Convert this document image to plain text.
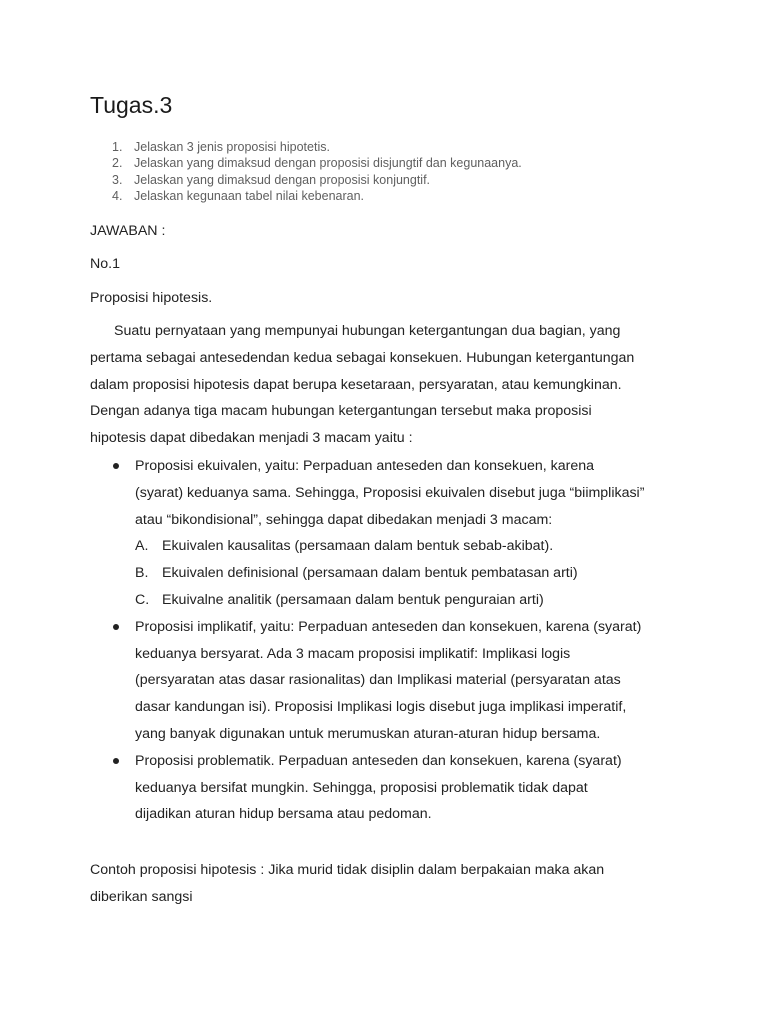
Tugas.3
1. Jelaskan 3 jenis proposisi hipotetis.
2. Jelaskan yang dimaksud dengan proposisi disjungtif dan kegunaanya.
3. Jelaskan yang dimaksud dengan proposisi konjungtif.
4. Jelaskan kegunaan tabel nilai kebenaran.
JAWABAN :
No.1
Proposisi hipotesis.
Suatu pernyataan yang mempunyai hubungan ketergantungan dua bagian, yang
pertama sebagai antesedendan kedua sebagai konsekuen. Hubungan ketergantungan
dalam proposisi hipotesis dapat berupa kesetaraan, persyaratan, atau kemungkinan.
Dengan adanya tiga macam hubungan ketergantungan tersebut maka proposisi
hipotesis dapat dibedakan menjadi 3 macam yaitu :
Proposisi ekuivalen, yaitu: Perpaduan anteseden dan konsekuen, karena
(syarat) keduanya sama. Sehingga, Proposisi ekuivalen disebut juga “biimplikasi”
atau “bikondisional”, sehingga dapat dibedakan menjadi 3 macam:
A. Ekuivalen kausalitas (persamaan dalam bentuk sebab-akibat).
B. Ekuivalen definisional (persamaan dalam bentuk pembatasan arti)
C. Ekuivalne analitik (persamaan dalam bentuk penguraian arti)
Proposisi implikatif, yaitu: Perpaduan anteseden dan konsekuen, karena (syarat)
keduanya bersyarat. Ada 3 macam proposisi implikatif: Implikasi logis
(persyaratan atas dasar rasionalitas) dan Implikasi material (persyaratan atas
dasar kandungan isi). Proposisi Implikasi logis disebut juga implikasi imperatif,
yang banyak digunakan untuk merumuskan aturan-aturan hidup bersama.
Proposisi problematik. Perpaduan anteseden dan konsekuen, karena (syarat)
keduanya bersifat mungkin. Sehingga, proposisi problematik tidak dapat
dijadikan aturan hidup bersama atau pedoman.
Contoh proposisi hipotesis : Jika murid tidak disiplin dalam berpakaian maka akan
diberikan sangsi
